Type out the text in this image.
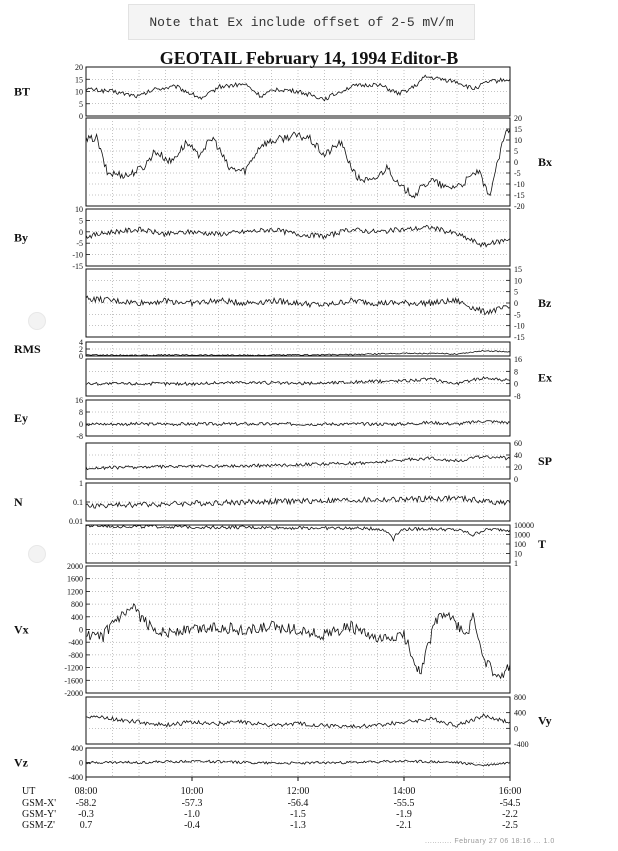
Note that Ex include offset of 2-5 mV/m
GEOTAIL February 14, 1994 Editor-B
20
15
10
5
0
BT
20
15
10
5
0
-5
-10
-15
-20
Bx
10
5
0
-5
-10
-15
By
15
10
5
0
-5
-10
-15
Bz
4
2
0
RMS
16
8
0
-8
Ex
16
8
0
-8
Ey
60
40
20
0
SP
1
0.1
0.01
N
10000
1000
100
10
1
T
2000
1600
1200
800
400
0
-400
-800
-1200
-1600
-2000
Vx
800
400
0
-400
Vy
400
0
-400
Vz
UT	08:00	10:00	12:00	14:00	16:00
GSM-X' -58.2	-57.3	-56.4	-55.5	-54.5
GSM-Y' -0.3	-1.0	-1.5	-1.9	-2.2
GSM-Z' 0.7	-0.4	-1.3	-2.1	-2.5
........... February 27 06 18:16 ... 1.0
